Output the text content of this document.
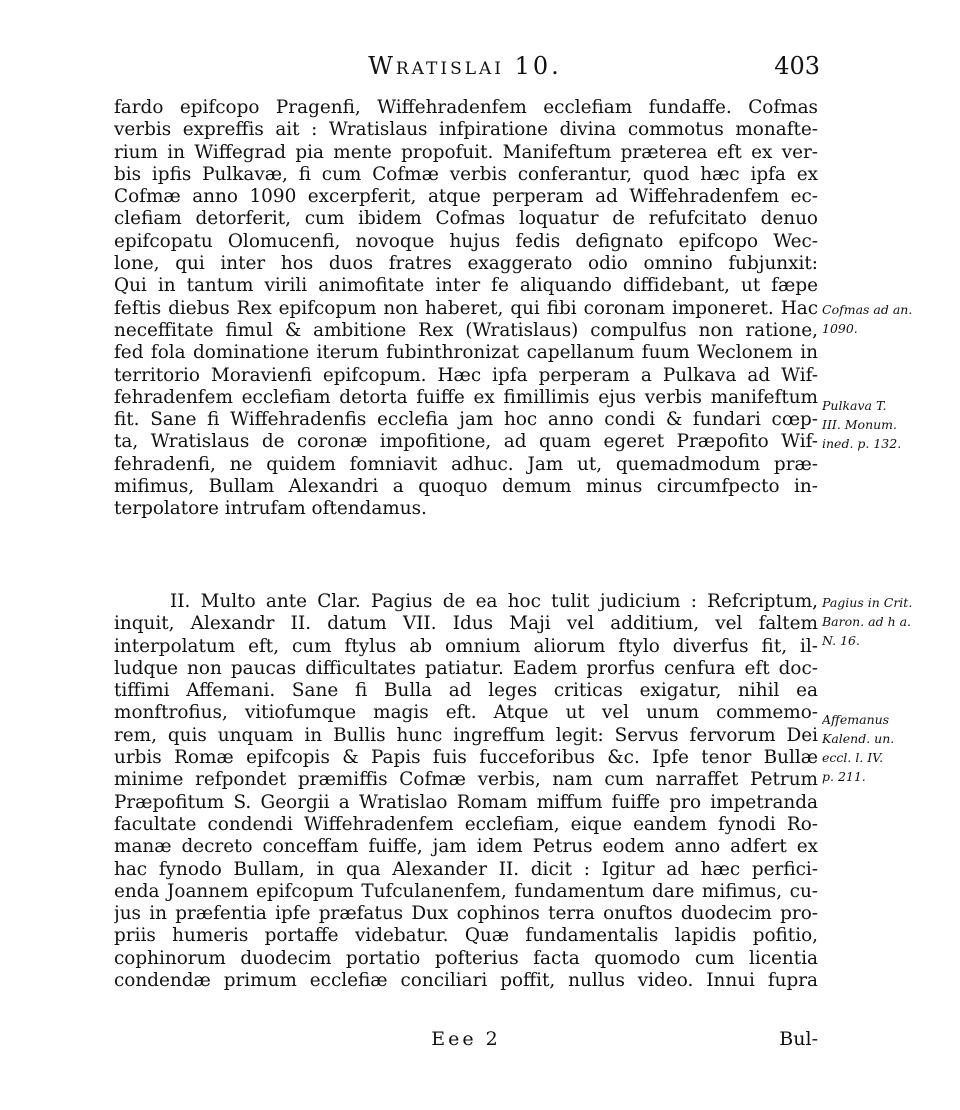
Wratislai 10.	403
fardo epifcopo Pragenfi, Wiffehradenfem ecclefiam fundaffe. Cofmas
verbis expreffis ait : Wratislaus infpiratione divina commotus monafte-
rium in Wiffegrad pia mente propofuit. Manifeftum præterea eft ex ver-
bis ipfis Pulkavæ, fi cum Cofmæ verbis conferantur, quod hæc ipfa ex
Cofmæ anno 1090 excerpferit, atque perperam ad Wiffehradenfem ec-
clefiam detorferit, cum ibidem Cofmas loquatur de refufcitato denuo
epifcopatu Olomucenfi, novoque hujus fedis defignato epifcopo Wec-
lone, qui inter hos duos fratres exaggerato odio omnino fubjunxit:
Qui in tantum virili animofitate inter fe aliquando diffidebant, ut fæpe
feftis diebus Rex epifcopum non haberet, qui fibi coronam imponeret. Hac
neceffitate fimul & ambitione Rex (Wratislaus) compulfus non ratione,
fed fola dominatione iterum fubinthronizat capellanum fuum Weclonem in
territorio Moravienfi epifcopum. Hæc ipfa perperam a Pulkava ad Wif-
fehradenfem ecclefiam detorta fuiffe ex fimillimis ejus verbis manifeftum
fit. Sane fi Wiffehradenfis ecclefia jam hoc anno condi & fundari cœp-
ta, Wratislaus de coronæ impofitione, ad quam egeret Præpofito Wif-
fehradenfi, ne quidem fomniavit adhuc. Jam ut, quemadmodum præ-
mifimus, Bullam Alexandri a quoquo demum minus circumfpecto in-
terpolatore intrufam oftendamus.
II. Multo ante Clar. Pagius de ea hoc tulit judicium : Refcriptum,
inquit, Alexandr II. datum VII. Idus Maji vel additium, vel faltem
interpolatum eft, cum ftylus ab omnium aliorum ftylo diverfus fit, il-
ludque non paucas difficultates patiatur. Eadem prorfus cenfura eft doc-
tiffimi Affemani. Sane fi Bulla ad leges criticas exigatur, nihil ea
monftrofius, vitiofumque magis eft. Atque ut vel unum commemo-
rem, quis unquam in Bullis hunc ingreffum legit: Servus fervorum Dei
urbis Romæ epifcopis & Papis fuis fucceforibus &c. Ipfe tenor Bullæ
minime refpondet præmiffis Cofmæ verbis, nam cum narraffet Petrum
Præpofitum S. Georgii a Wratislao Romam miffum fuiffe pro impetranda
facultate condendi Wiffehradenfem ecclefiam, eique eandem fynodi Ro-
manæ decreto conceffam fuiffe, jam idem Petrus eodem anno adfert ex
hac fynodo Bullam, in qua Alexander II. dicit : Igitur ad hæc perfici-
enda Joannem epifcopum Tufculanenfem, fundamentum dare mifimus, cu-
jus in præfentia ipfe præfatus Dux cophinos terra onuftos duodecim pro-
priis humeris portaffe videbatur. Quæ fundamentalis lapidis pofitio,
cophinorum duodecim portatio pofterius facta quomodo cum licentia
condendæ primum ecclefiæ conciliari poffit, nullus video. Innui fupra
Cofmas ad an.
1090.
Pulkava T.
III. Monum.
ined. p. 132.
Pagius in Crit.
Baron. ad h a.
N. 16.
Affemanus
Kalend. un.
eccl. l. IV.
p. 211.
Eee 2	Bul-
